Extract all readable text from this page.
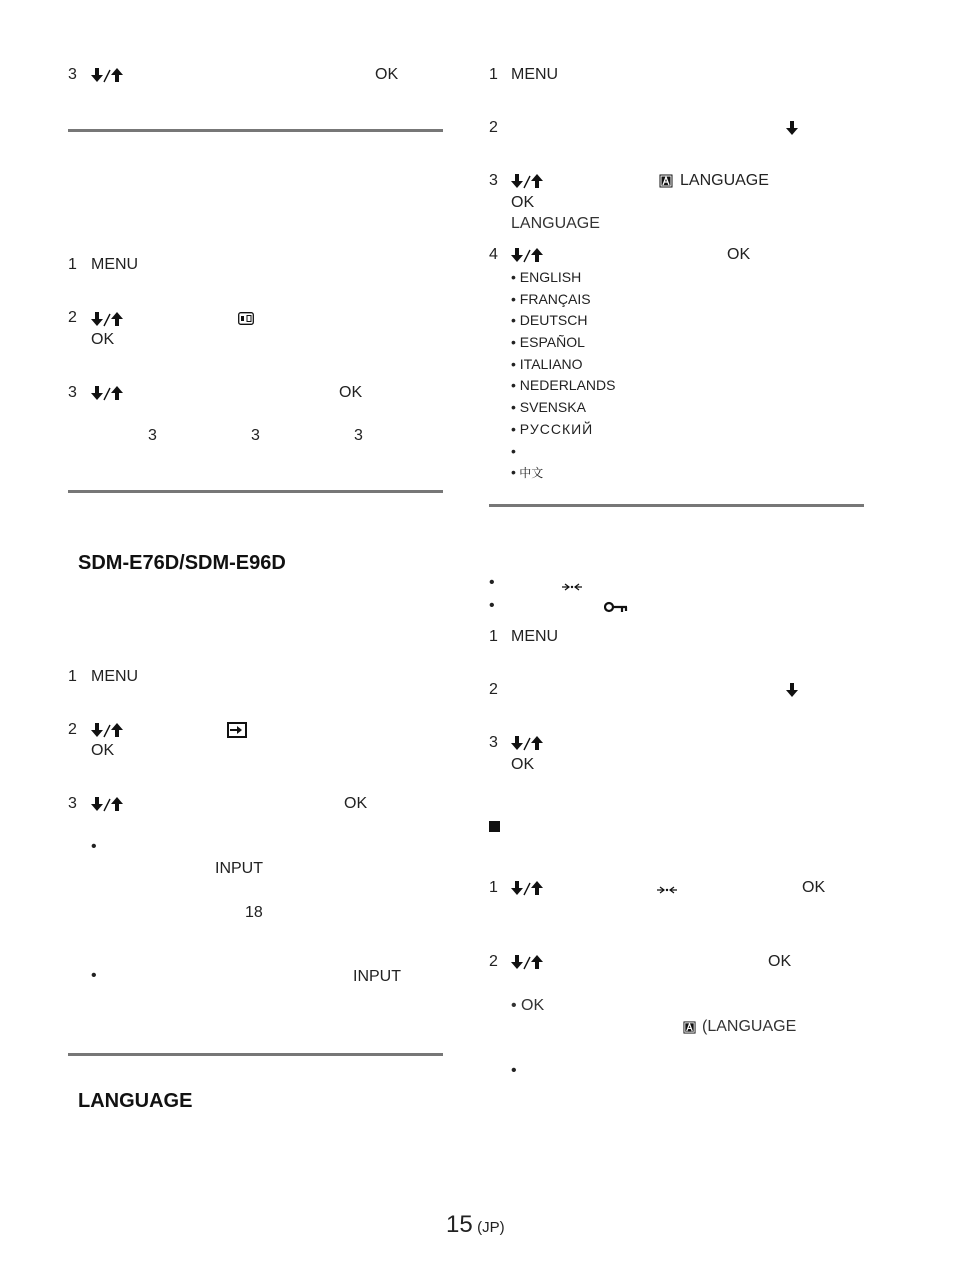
3	OK
1 MENU
2
OK
3	OK
3	3	3
SDM-E76D/SDM-E96D
1 MENU
2
OK
3	OK
•
INPUT
18
•	INPUT
LANGUAGE
1 MENU
2
3	LANGUAGE
OK
LANGUAGE
4	OK
• ENGLISH
• FRANÇAIS
• DEUTSCH
• ESPAÑOL
• ITALIANO
• NEDERLANDS
• SVENSKA
• РУССКИЙ
•
• 中文
•
•
1 MENU
2
3
OK
1	OK
2	OK
• OK
(LANGUAGE
•
15 (JP)
